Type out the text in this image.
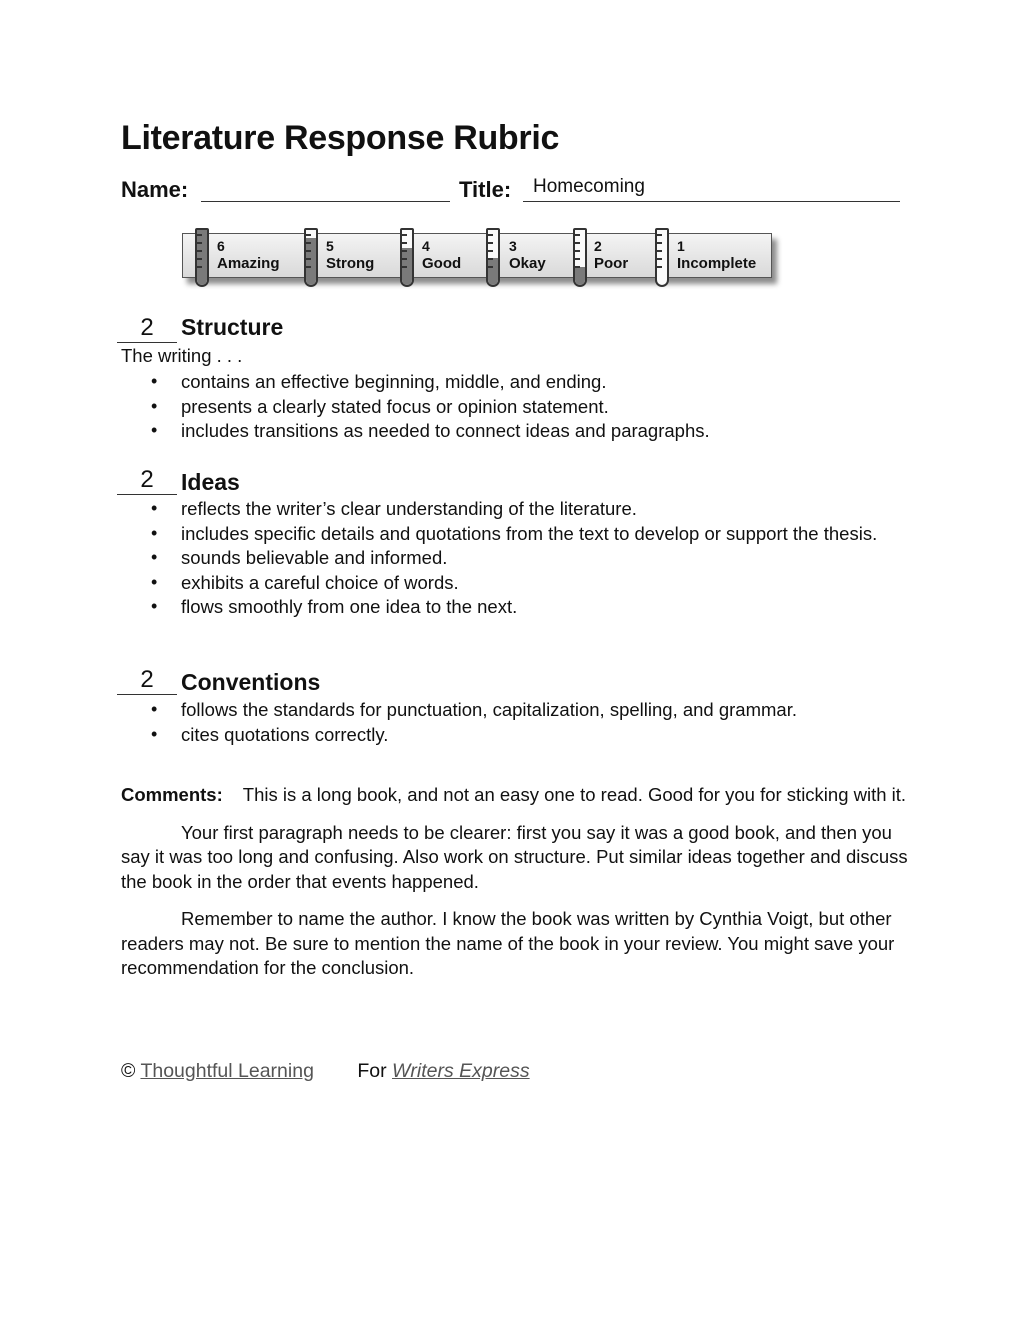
Literature Response Rubric
Name:	Title: Homecoming
6
Amazing
5
Strong
4
Good
3
Okay
2
Poor
1
Incomplete
2	Structure
The writing . . .
• contains an effective beginning, middle, and ending.
• presents a clearly stated focus or opinion statement.
• includes transitions as needed to connect ideas and paragraphs.
2	Ideas
• reflects the writer’s clear understanding of the literature.
• includes specific details and quotations from the text to develop or support the thesis.
• sounds believable and informed.
• exhibits a careful choice of words.
• flows smoothly from one idea to the next.
2	Conventions
• follows the standards for punctuation, capitalization, spelling, and grammar.
• cites quotations correctly.

Comments: This is a long book, and not an easy one to read. Good for you for sticking with it.

Your first paragraph needs to be clearer: first you say it was a good book, and then you say it was too long and confusing. Also work on structure. Put similar ideas together and discuss the book in the order that events happened.

Remember to name the author. I know the book was written by Cynthia Voigt, but other readers may not. Be sure to mention the name of the book in your review. You might save your recommendation for the conclusion.

© Thoughtful Learning For Writers Express
